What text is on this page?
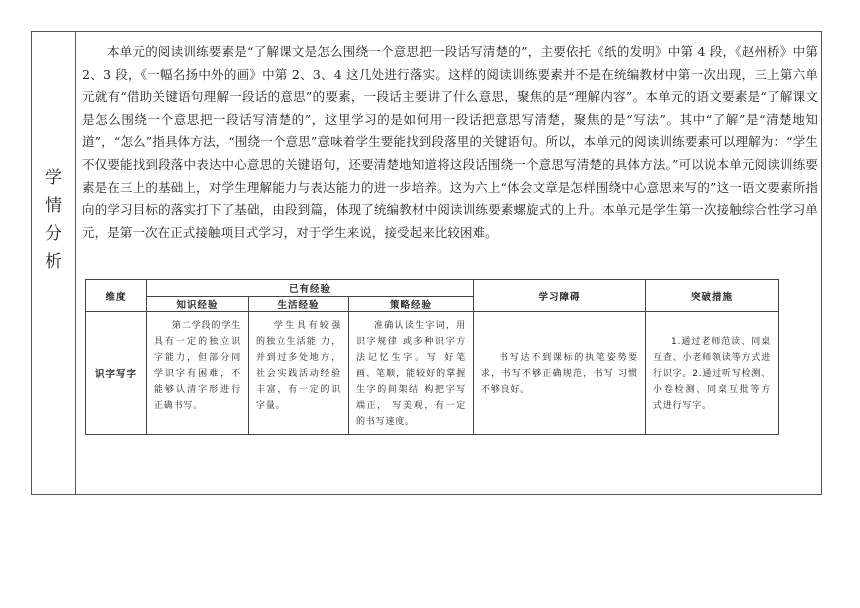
学
情
分
析

本单元的阅读训练要素是“了解课文是怎么围绕一个意思把一段话写清楚的”，主要依托《纸的发明》中第 4 段，《赵州桥》中第 2、3 段，《一幅名扬中外的画》中第 2、3、4 这几处进行落实。这样的阅读训练要素并不是在统编教材中第一次出现，三上第六单元就有“借助关键语句理解一段话的意思”的要素，一段话主要讲了什么意思，聚焦的是“理解内容”。本单元的语文要素是“了解课文是怎么围绕一个意思把一段话写清楚的”，这里学习的是如何用一段话把意思写清楚，聚焦的是“写法”。其中“了解”是“清楚地知道”，“怎么”指具体方法，“围绕一个意思”意味着学生要能找到段落里的关键语句。所以，本单元的阅读训练要素可以理解为：“学生不仅要能找到段落中表达中心意思的关键语句，还要清楚地知道将这段话围绕一个意思写清楚的具体方法。”可以说本单元阅读训练要素是在三上的基础上，对学生理解能力与表达能力的进一步培养。这为六上“体会文章是怎样围绕中心意思来写的”这一语文要素所指向的学习目标的落实打下了基础，由段到篇，体现了统编教材中阅读训练要素螺旋式的上升。本单元是学生第一次接触综合性学习单元，是第一次在正式接触项目式学习，对于学生来说，接受起来比较困难。

维度	已有经验			学习障碍	突破措施
	知识经验	生活经验	策略经验		
识字写字	第二学段的学生具有一定的独立识字能力，但部分同学识字有困难，不能够认清字形进行正确书写。	学生具有较强的独立生活能 力，并到过多处地方，社会实践活动经验丰富，有一定的识字量。	准确认读生字词，用识字规律 或多种识字方法记忆生字。写 好笔画、笔顺，能较好的掌握生字的间架结 构把字写端正， 写美观，有一定的书写速度。	书写达不到课标的执笔姿势要求，书写不够正确规范，书写 习惯不够良好。	1.通过老师范读、同桌互查、小老师领读等方式进 行识字。2.通过听写检测、小卷检测、同桌互批等方 式进行写字。
